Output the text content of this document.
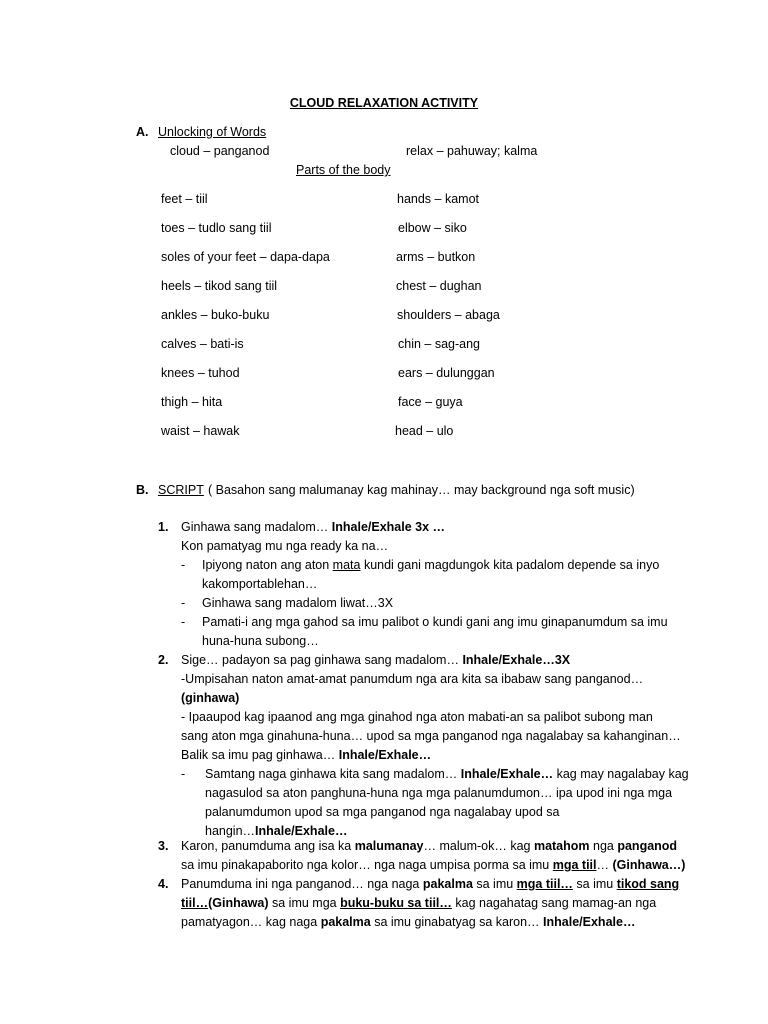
CLOUD RELAXATION ACTIVITY
A. Unlocking of Words
cloud – panganod	relax – pahuway; kalma
Parts of the body
feet – tiil
toes – tudlo sang tiil
soles of your feet – dapa-dapa
heels – tikod sang tiil
ankles – buko-buku
calves – bati-is
knees – tuhod
thigh – hita
waist – hawak
hands – kamot
elbow – siko
arms – butkon
chest – dughan
shoulders – abaga
chin – sag-ang
ears – dulunggan
face – guya
head – ulo
B. SCRIPT ( Basahon sang malumanay kag mahinay… may background nga soft music)
1. Ginhawa sang madalom… Inhale/Exhale 3x …
Kon pamatyag mu nga ready ka na…
- Ipiyong naton ang aton mata kundi gani magdungok kita padalom depende sa inyo
kakomportablehan…
- Ginhawa sang madalom liwat…3X
- Pamati-i ang mga gahod sa imu palibot o kundi gani ang imu ginapanumdum sa imu
huna-huna subong…
2. Sige… padayon sa pag ginhawa sang madalom… Inhale/Exhale…3X
-Umpisahan naton amat-amat panumdum nga ara kita sa ibabaw sang panganod…
(ginhawa)
- Ipaaupod kag ipaanod ang mga ginahod nga aton mabati-an sa palibot subong man
sang aton mga ginahuna-huna… upod sa mga panganod nga nagalabay sa kahanginan…
Balik sa imu pag ginhawa… Inhale/Exhale…
- Samtang naga ginhawa kita sang madalom… Inhale/Exhale… kag may nagalabay kag
nagasulod sa aton panghuna-huna nga mga palanumdumon… ipa upod ini nga mga
palanumdumon upod sa mga panganod nga nagalabay upod sa
hangin…Inhale/Exhale…
3. Karon, panumduma ang isa ka malumanay… malum-ok… kag matahom nga panganod
sa imu pinakapaborito nga kolor… nga naga umpisa porma sa imu mga tiil… (Ginhawa…)
4. Panumduma ini nga panganod… nga naga pakalma sa imu mga tiil… sa imu tikod sang
tiil…(Ginhawa) sa imu mga buku-buku sa tiil… kag nagahatag sang mamag-an nga
pamatyagon… kag naga pakalma sa imu ginabatyag sa karon… Inhale/Exhale…
